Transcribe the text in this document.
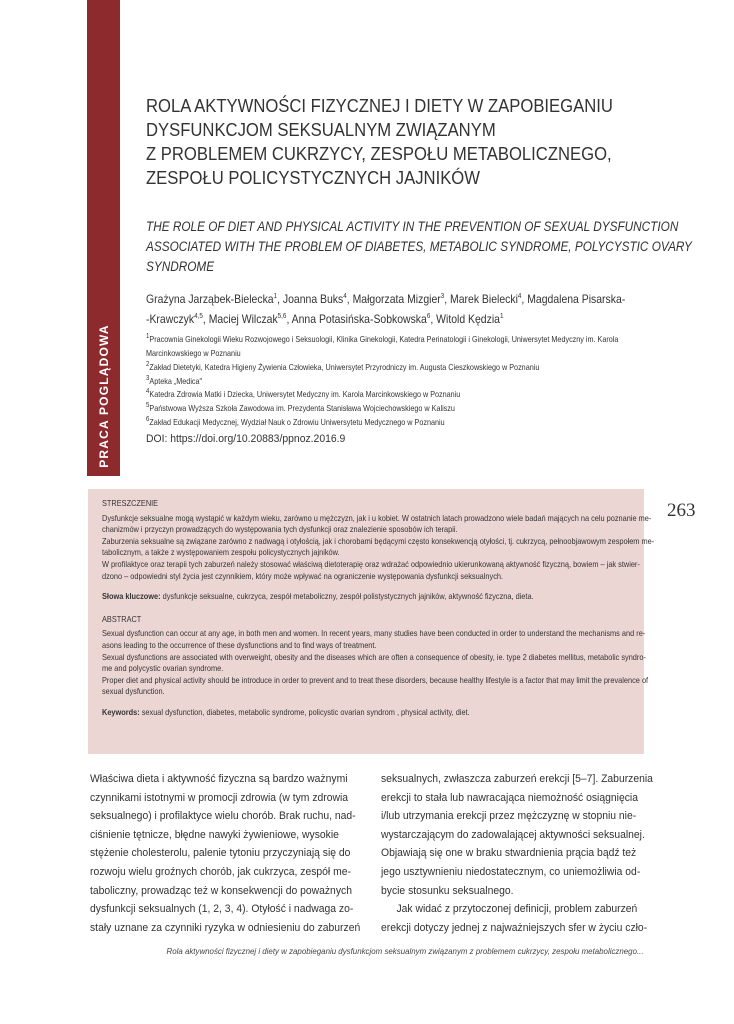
PRACA POGLĄDOWA
ROLA AKTYWNOŚCI FIZYCZNEJ I DIETY W ZAPOBIEGANIU
DYSFUNKCJOM SEKSUALNYM ZWIĄZANYM
Z PROBLEMEM CUKRZYCY, ZESPOŁU METABOLICZNEGO,
ZESPOŁU POLICYSTYCZNYCH JAJNIKÓW
THE ROLE OF DIET AND PHYSICAL ACTIVITY IN THE PREVENTION OF SEXUAL DYSFUNCTION
ASSOCIATED WITH THE PROBLEM OF DIABETES, METABOLIC SYNDROME, POLYCYSTIC OVARY
SYNDROME
Grażyna Jarząbek-Bielecka$^1$, Joanna Buks$^4$, Małgorzata Mizgier$^3$, Marek Bielecki$^4$, Magdalena Pisarska-
-Krawczyk$^{4,5}$, Maciej Wilczak$^{5,6}$, Anna Potasińska-Sobkowska$^6$, Witold Kędzia$^1$
$^1$Pracownia Ginekologii Wieku Rozwojowego i Seksuologii, Klinika Ginekologii, Katedra Perinatologii i Ginekologii, Uniwersytet Medyczny im. Karola
Marcinkowskiego w Poznaniu
$^2$Zakład Dietetyki, Katedra Higieny Żywienia Człowieka, Uniwersytet Przyrodniczy im. Augusta Cieszkowskiego w Poznaniu
$^3$Apteka „Medica"
$^4$Katedra Zdrowia Matki i Dziecka, Uniwersytet Medyczny im. Karola Marcinkowskiego w Poznaniu
$^5$Państwowa Wyższa Szkoła Zawodowa im. Prezydenta Stanisława Wojciechowskiego w Kaliszu
$^6$Zakład Edukacji Medycznej, Wydział Nauk o Zdrowiu Uniwersytetu Medycznego w Poznaniu
DOI: https://doi.org/10.20883/ppnoz.2016.9
263
STRESZCZENIE
Dysfunkcje seksualne mogą wystąpić w każdym wieku, zarówno u mężczyzn, jak i u kobiet. W ostatnich latach prowadzono wiele badań mających na celu poznanie me-
chanizmów i przyczyn prowadzących do występowania tych dysfunkcji oraz znalezienie sposobów ich terapii.
Zaburzenia seksualne są związane zarówno z nadwagą i otyłością, jak i chorobami będącymi często konsekwencją otyłości, tj. cukrzycą, pełnoobjawowym zespołem me-
tabolicznym, a także z występowaniem zespołu policystycznych jajników.
W profilaktyce oraz terapii tych zaburzeń należy stosować właściwą dietoterapię oraz wdrażać odpowiednio ukierunkowaną aktywność fizyczną, bowiem – jak stwier-
dzono – odpowiedni styl życia jest czynnikiem, który może wpływać na ograniczenie występowania dysfunkcji seksualnych.
Słowa kluczowe: dysfunkcje seksualne, cukrzyca, zespół metaboliczny, zespół polistystycznych jajników, aktywność fizyczna, dieta.
ABSTRACT
Sexual dysfunction can occur at any age, in both men and women. In recent years, many studies have been conducted in order to understand the mechanisms and re-
asons leading to the occurrence of these dysfunctions and to find ways of treatment.
Sexual dysfunctions are associated with overweight, obesity and the diseases which are often a consequence of obesity, ie. type 2 diabetes mellitus, metabolic syndro-
me and polycystic ovarian syndrome.
Proper diet and physical activity should be introduce in order to prevent and to treat these disorders, because healthy lifestyle is a factor that may limit the prevalence of
sexual dysfunction.
Keywords: sexual dysfunction, diabetes, metabolic syndrome, policystic ovarian syndrom , physical activity, diet.
Właściwa dieta i aktywność fizyczna są bardzo ważnymi
czynnikami istotnymi w promocji zdrowia (w tym zdrowia
seksualnego) i profilaktyce wielu chorób. Brak ruchu, nad-
ciśnienie tętnicze, błędne nawyki żywieniowe, wysokie
stężenie cholesterolu, palenie tytoniu przyczyniają się do
rozwoju wielu groźnych chorób, jak cukrzyca, zespół me-
taboliczny, prowadząc też w konsekwencji do poważnych
dysfunkcji seksualnych (1, 2, 3, 4). Otyłość i nadwaga zo-
stały uznane za czynniki ryzyka w odniesieniu do zaburzeń
seksualnych, zwłaszcza zaburzeń erekcji [5–7]. Zaburzenia
erekcji to stała lub nawracająca niemożność osiągnięcia
i/lub utrzymania erekcji przez mężczyznę w stopniu nie-
wystarczającym do zadowalającej aktywności seksualnej.
Objawiają się one w braku stwardnienia prącia bądź też
jego usztywnieniu niedostatecznym, co uniemożliwia od-
bycie stosunku seksualnego.
Jak widać z przytoczonej definicji, problem zaburzeń
erekcji dotyczy jednej z najważniejszych sfer w życiu czło-
Rola aktywności fizycznej i diety w zapobieganiu dysfunkcjom seksualnym związanym z problemem cukrzycy, zespołu metabolicznego...
